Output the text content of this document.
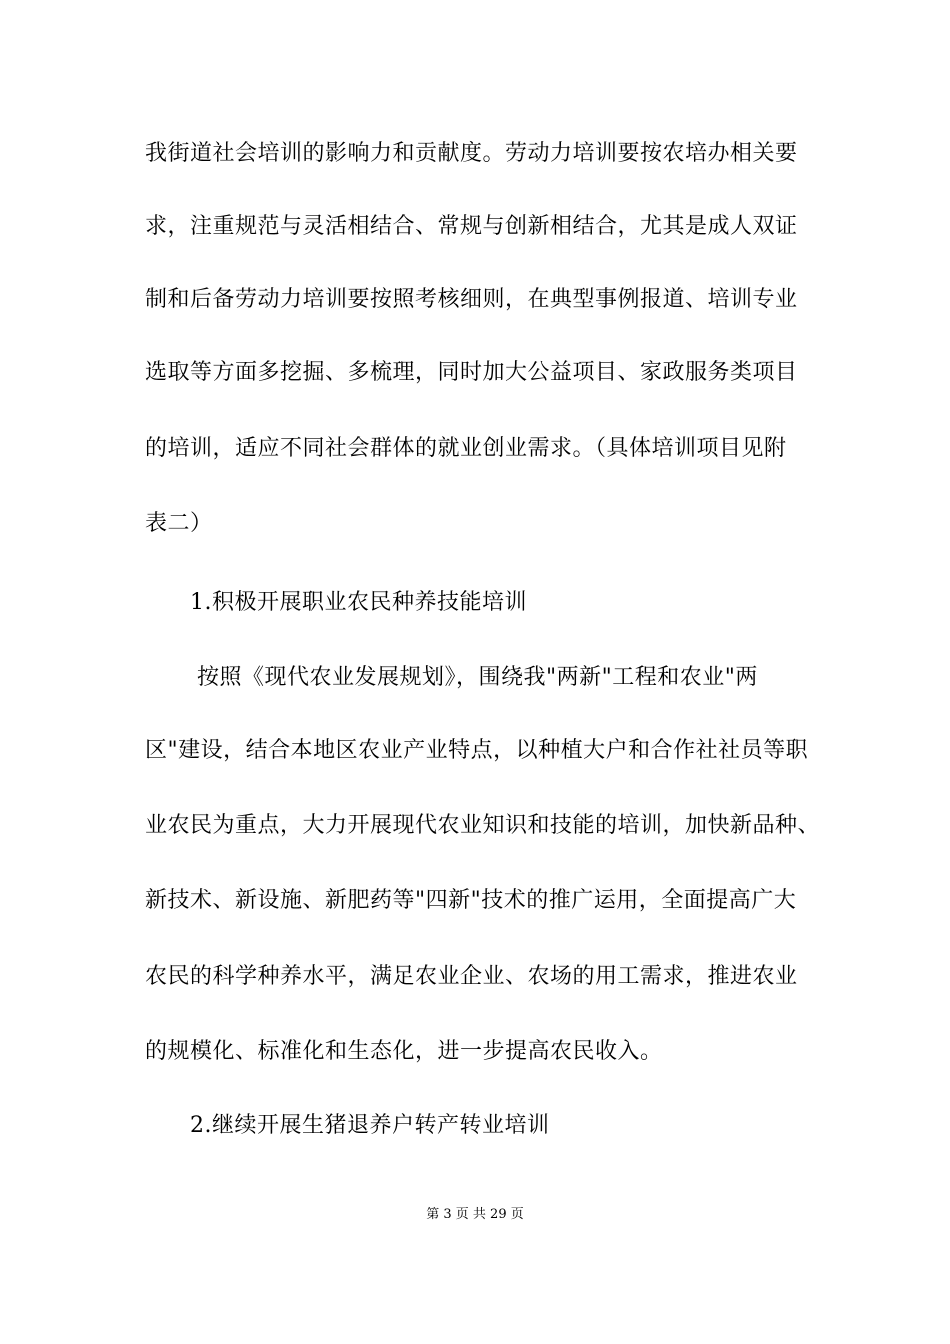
我街道社会培训的影响力和贡献度。劳动力培训要按农培办相关要
求，注重规范与灵活相结合、常规与创新相结合，尤其是成人双证
制和后备劳动力培训要按照考核细则，在典型事例报道、培训专业
选取等方面多挖掘、多梳理，同时加大公益项目、家政服务类项目
的培训，适应不同社会群体的就业创业需求。（具体培训项目见附
表二）
1.积极开展职业农民种养技能培训
按照《现代农业发展规划》，围绕我"两新"工程和农业"两
区"建设，结合本地区农业产业特点，以种植大户和合作社社员等职
业农民为重点，大力开展现代农业知识和技能的培训，加快新品种、
新技术、新设施、新肥药等"四新"技术的推广运用，全面提高广大
农民的科学种养水平，满足农业企业、农场的用工需求，推进农业
的规模化、标准化和生态化，进一步提高农民收入。
2.继续开展生猪退养户转产转业培训
第 3 页 共 29 页
